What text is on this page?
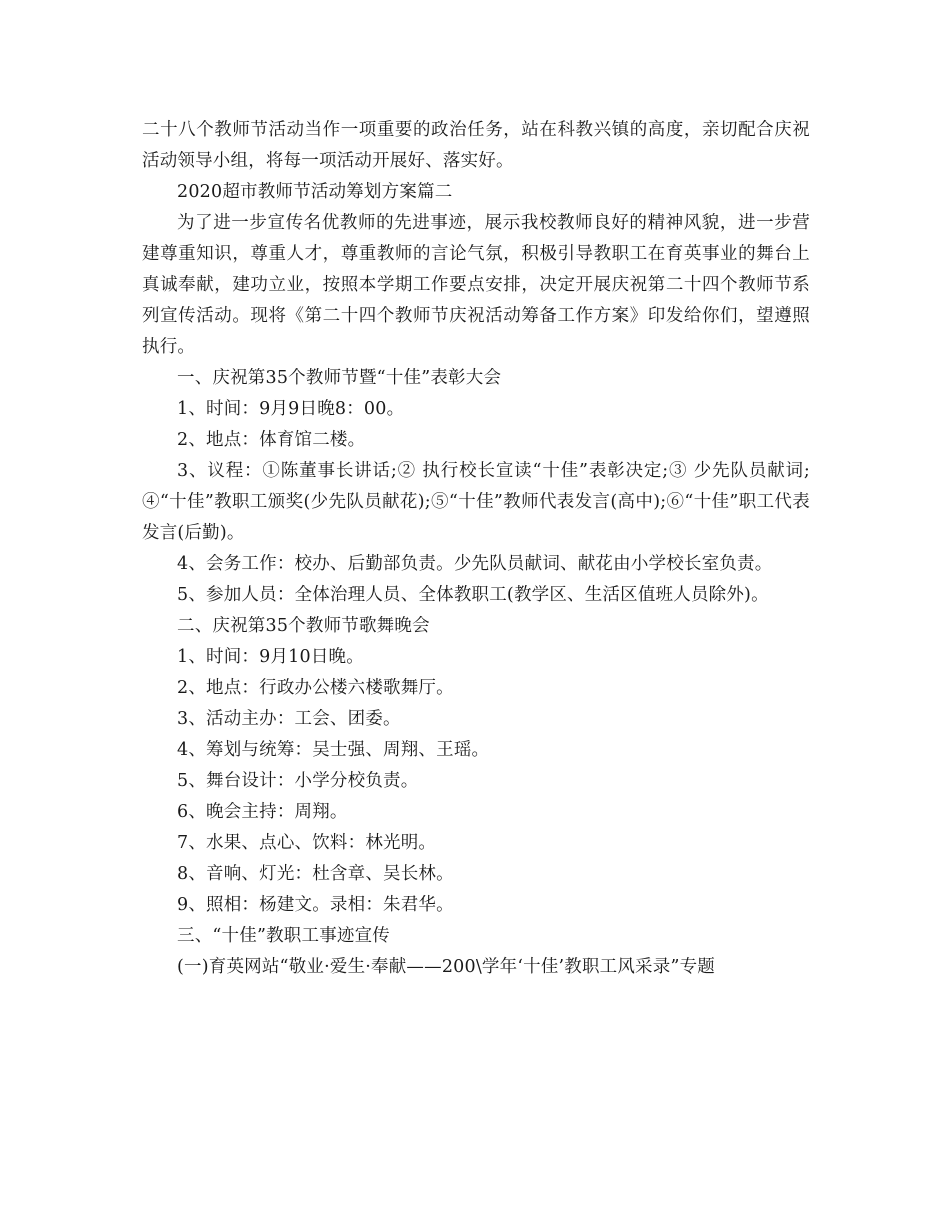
二十八个教师节活动当作一项重要的政治任务，站在科教兴镇的高度，亲切配合庆祝活动领导小组，将每一项活动开展好、落实好。

2020超市教师节活动筹划方案篇二

为了进一步宣传名优教师的先进事迹，展示我校教师良好的精神风貌，进一步营建尊重知识，尊重人才，尊重教师的言论气氛，积极引导教职工在育英事业的舞台上真诚奉献，建功立业，按照本学期工作要点安排，决定开展庆祝第二十四个教师节系列宣传活动。现将《第二十四个教师节庆祝活动筹备工作方案》印发给你们，望遵照执行。

一、庆祝第35个教师节暨“十佳”表彰大会

1、时间：9月9日晚8：00。

2、地点：体育馆二楼。

3、议程：①陈董事长讲话;② 执行校长宣读“十佳”表彰决定;③ 少先队员献词;④“十佳”教职工颁奖(少先队员献花);⑤“十佳”教师代表发言(高中);⑥“十佳”职工代表发言(后勤)。

4、会务工作：校办、后勤部负责。少先队员献词、献花由小学校长室负责。

5、参加人员：全体治理人员、全体教职工(教学区、生活区值班人员除外)。

二、庆祝第35个教师节歌舞晚会

1、时间：9月10日晚。

2、地点：行政办公楼六楼歌舞厅。

3、活动主办：工会、团委。

4、筹划与统筹：吴士强、周翔、王瑶。

5、舞台设计：小学分校负责。

6、晚会主持：周翔。

7、水果、点心、饮料：林光明。

8、音响、灯光：杜含章、吴长林。

9、照相：杨建文。录相：朱君华。

三、“十佳”教职工事迹宣传

(一)育英网站“敬业·爱生·奉献——200\学年‘十佳’教职工风采录”专题
